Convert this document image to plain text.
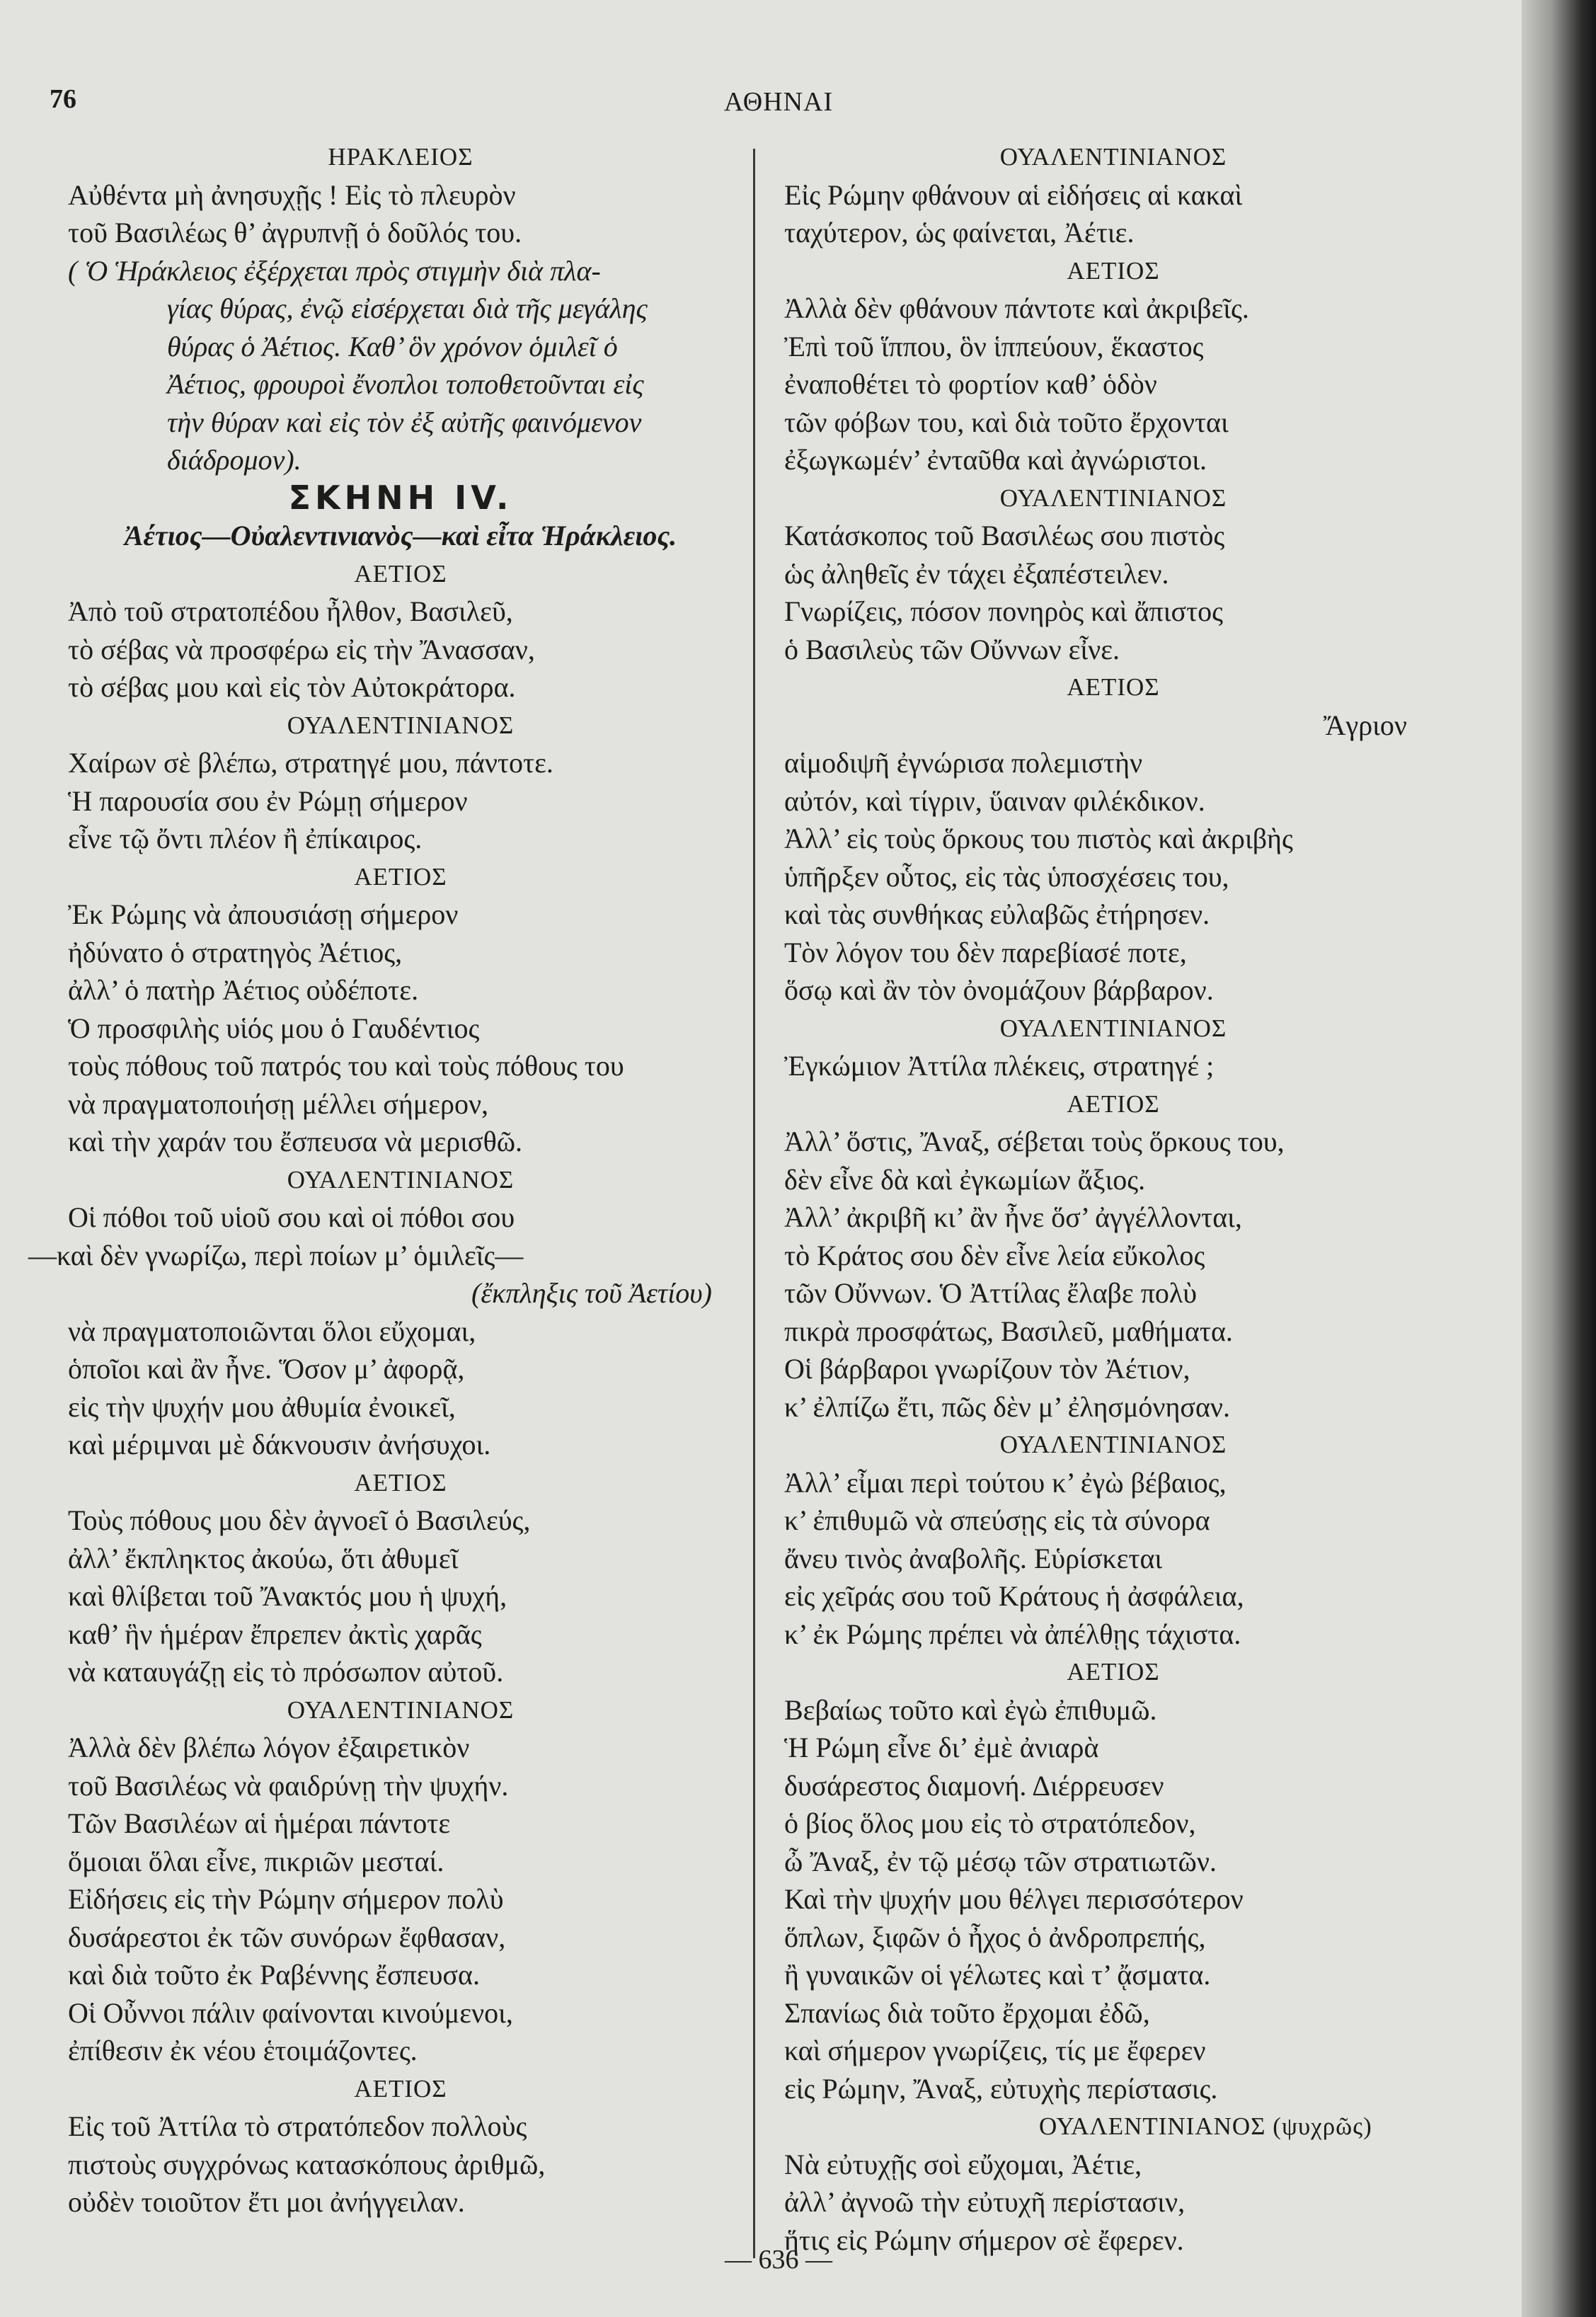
76	ΑΘΗΝΑΙ
ΗΡΑΚΛΕΙΟΣ
Αὐθέντα μὴ ἀνησυχῇς ! Εἰς τὸ πλευρὸν
τοῦ Βασιλέως θ’ ἀγρυπνῇ ὁ δοῦλός του.
( Ὁ Ἡράκλειος ἐξέρχεται πρὸς στιγμὴν διὰ πλα-
γίας θύρας, ἐνῷ εἰσέρχεται διὰ τῆς μεγάλης
θύρας ὁ Ἀέτιος. Καθ’ ὃν χρόνον ὁμιλεῖ ὁ
Ἀέτιος, φρουροὶ ἔνοπλοι τοποθετοῦνται εἰς
τὴν θύραν καὶ εἰς τὸν ἐξ αὐτῆς φαινόμενον
διάδρομον).
ΣΚΗΝΗ IV.
Ἀέτιος—Οὐαλεντινιανὸς—καὶ εἶτα Ἡράκλειος.
ΑΕΤΙΟΣ
Ἀπὸ τοῦ στρατοπέδου ἦλθον, Βασιλεῦ,
τὸ σέβας νὰ προσφέρω εἰς τὴν Ἄνασσαν,
τὸ σέβας μου καὶ εἰς τὸν Αὐτοκράτορα.
ΟΥΑΛΕΝΤΙΝΙΑΝΟΣ
Χαίρων σὲ βλέπω, στρατηγέ μου, πάντοτε.
Ἡ παρουσία σου ἐν Ρώμῃ σήμερον
εἶνε τῷ ὄντι πλέον ἢ ἐπίκαιρος.
ΑΕΤΙΟΣ
Ἐκ Ρώμης νὰ ἀπουσιάσῃ σήμερον
ἠδύνατο ὁ στρατηγὸς Ἀέτιος,
ἀλλ’ ὁ πατὴρ Ἀέτιος οὐδέποτε.
Ὁ προσφιλὴς υἱός μου ὁ Γαυδέντιος
τοὺς πόθους τοῦ πατρός του καὶ τοὺς πόθους του
νὰ πραγματοποιήσῃ μέλλει σήμερον,
καὶ τὴν χαράν του ἔσπευσα νὰ μερισθῶ.
ΟΥΑΛΕΝΤΙΝΙΑΝΟΣ
Οἱ πόθοι τοῦ υἱοῦ σου καὶ οἱ πόθοι σου
—καὶ δὲν γνωρίζω, περὶ ποίων μ’ ὁμιλεῖς—
(ἔκπληξις τοῦ Ἀετίου)
νὰ πραγματοποιῶνται ὅλοι εὔχομαι,
ὁποῖοι καὶ ἂν ἦνε. Ὅσον μ’ ἀφορᾷ,
εἰς τὴν ψυχήν μου ἀθυμία ἐνοικεῖ,
καὶ μέριμναι μὲ δάκνουσιν ἀνήσυχοι.
ΑΕΤΙΟΣ
Τοὺς πόθους μου δὲν ἀγνοεῖ ὁ Βασιλεύς,
ἀλλ’ ἔκπληκτος ἀκούω, ὅτι ἀθυμεῖ
καὶ θλίβεται τοῦ Ἄνακτός μου ἡ ψυχή,
καθ’ ἣν ἡμέραν ἔπρεπεν ἀκτὶς χαρᾶς
νὰ καταυγάζῃ εἰς τὸ πρόσωπον αὐτοῦ.
ΟΥΑΛΕΝΤΙΝΙΑΝΟΣ
Ἀλλὰ δὲν βλέπω λόγον ἐξαιρετικὸν
τοῦ Βασιλέως νὰ φαιδρύνῃ τὴν ψυχήν.
Τῶν Βασιλέων αἱ ἡμέραι πάντοτε
ὅμοιαι ὅλαι εἶνε, πικριῶν μεσταί.
Εἰδήσεις εἰς τὴν Ρώμην σήμερον πολὺ
δυσάρεστοι ἐκ τῶν συνόρων ἔφθασαν,
καὶ διὰ τοῦτο ἐκ Ραβέννης ἔσπευσα.
Οἱ Οὖννοι πάλιν φαίνονται κινούμενοι,
ἐπίθεσιν ἐκ νέου ἑτοιμάζοντες.
ΑΕΤΙΟΣ
Εἰς τοῦ Ἀττίλα τὸ στρατόπεδον πολλοὺς
πιστοὺς συγχρόνως κατασκόπους ἀριθμῶ,
οὐδὲν τοιοῦτον ἔτι μοι ἀνήγγειλαν.
ΟΥΑΛΕΝΤΙΝΙΑΝΟΣ
Εἰς Ρώμην φθάνουν αἱ εἰδήσεις αἱ κακαὶ
ταχύτερον, ὡς φαίνεται, Ἀέτιε.
ΑΕΤΙΟΣ
Ἀλλὰ δὲν φθάνουν πάντοτε καὶ ἀκριβεῖς.
Ἐπὶ τοῦ ἵππου, ὃν ἱππεύουν, ἕκαστος
ἐναποθέτει τὸ φορτίον καθ’ ὁδὸν
τῶν φόβων του, καὶ διὰ τοῦτο ἔρχονται
ἐξωγκωμέν’ ἐνταῦθα καὶ ἀγνώριστοι.
ΟΥΑΛΕΝΤΙΝΙΑΝΟΣ
Κατάσκοπος τοῦ Βασιλέως σου πιστὸς
ὡς ἀληθεῖς ἐν τάχει ἐξαπέστειλεν.
Γνωρίζεις, πόσον πονηρὸς καὶ ἄπιστος
ὁ Βασιλεὺς τῶν Οὔννων εἶνε.
ΑΕΤΙΟΣ
Ἄγριον
αἱμοδιψῆ ἐγνώρισα πολεμιστὴν
αὐτόν, καὶ τίγριν, ὕαιναν φιλέκδικον.
Ἀλλ’ εἰς τοὺς ὅρκους του πιστὸς καὶ ἀκριβὴς
ὑπῆρξεν οὗτος, εἰς τὰς ὑποσχέσεις του,
καὶ τὰς συνθήκας εὐλαβῶς ἐτήρησεν.
Τὸν λόγον του δὲν παρεβίασέ ποτε,
ὅσῳ καὶ ἂν τὸν ὀνομάζουν βάρβαρον.
ΟΥΑΛΕΝΤΙΝΙΑΝΟΣ
Ἐγκώμιον Ἀττίλα πλέκεις, στρατηγέ ;
ΑΕΤΙΟΣ
Ἀλλ’ ὅστις, Ἄναξ, σέβεται τοὺς ὅρκους του,
δὲν εἶνε δὰ καὶ ἐγκωμίων ἄξιος.
Ἀλλ’ ἀκριβῆ κι’ ἂν ἦνε ὅσ’ ἀγγέλλονται,
τὸ Κράτος σου δὲν εἶνε λεία εὔκολος
τῶν Οὔννων. Ὁ Ἀττίλας ἔλαβε πολὺ
πικρὰ προσφάτως, Βασιλεῦ, μαθήματα.
Οἱ βάρβαροι γνωρίζουν τὸν Ἀέτιον,
κ’ ἐλπίζω ἔτι, πῶς δὲν μ’ ἐλησμόνησαν.
ΟΥΑΛΕΝΤΙΝΙΑΝΟΣ
Ἀλλ’ εἶμαι περὶ τούτου κ’ ἐγὼ βέβαιος,
κ’ ἐπιθυμῶ νὰ σπεύσῃς εἰς τὰ σύνορα
ἄνευ τινὸς ἀναβολῆς. Εὑρίσκεται
εἰς χεῖράς σου τοῦ Κράτους ἡ ἀσφάλεια,
κ’ ἐκ Ρώμης πρέπει νὰ ἀπέλθῃς τάχιστα.
ΑΕΤΙΟΣ
Βεβαίως τοῦτο καὶ ἐγὼ ἐπιθυμῶ.
Ἡ Ρώμη εἶνε δι’ ἐμὲ ἀνιαρὰ
δυσάρεστος διαμονή. Διέρρευσεν
ὁ βίος ὅλος μου εἰς τὸ στρατόπεδον,
ὦ Ἄναξ, ἐν τῷ μέσῳ τῶν στρατιωτῶν.
Καὶ τὴν ψυχήν μου θέλγει περισσότερον
ὅπλων, ξιφῶν ὁ ἦχος ὁ ἀνδροπρεπής,
ἢ γυναικῶν οἱ γέλωτες καὶ τ’ ᾄσματα.
Σπανίως διὰ τοῦτο ἔρχομαι ἐδῶ,
καὶ σήμερον γνωρίζεις, τίς με ἔφερεν
εἰς Ρώμην, Ἄναξ, εὐτυχὴς περίστασις.
ΟΥΑΛΕΝΤΙΝΙΑΝΟΣ (ψυχρῶς)
Νὰ εὐτυχῇς σοὶ εὔχομαι, Ἀέτιε,
ἀλλ’ ἀγνοῶ τὴν εὐτυχῆ περίστασιν,
ἥτις εἰς Ρώμην σήμερον σὲ ἔφερεν.
— 636 —
